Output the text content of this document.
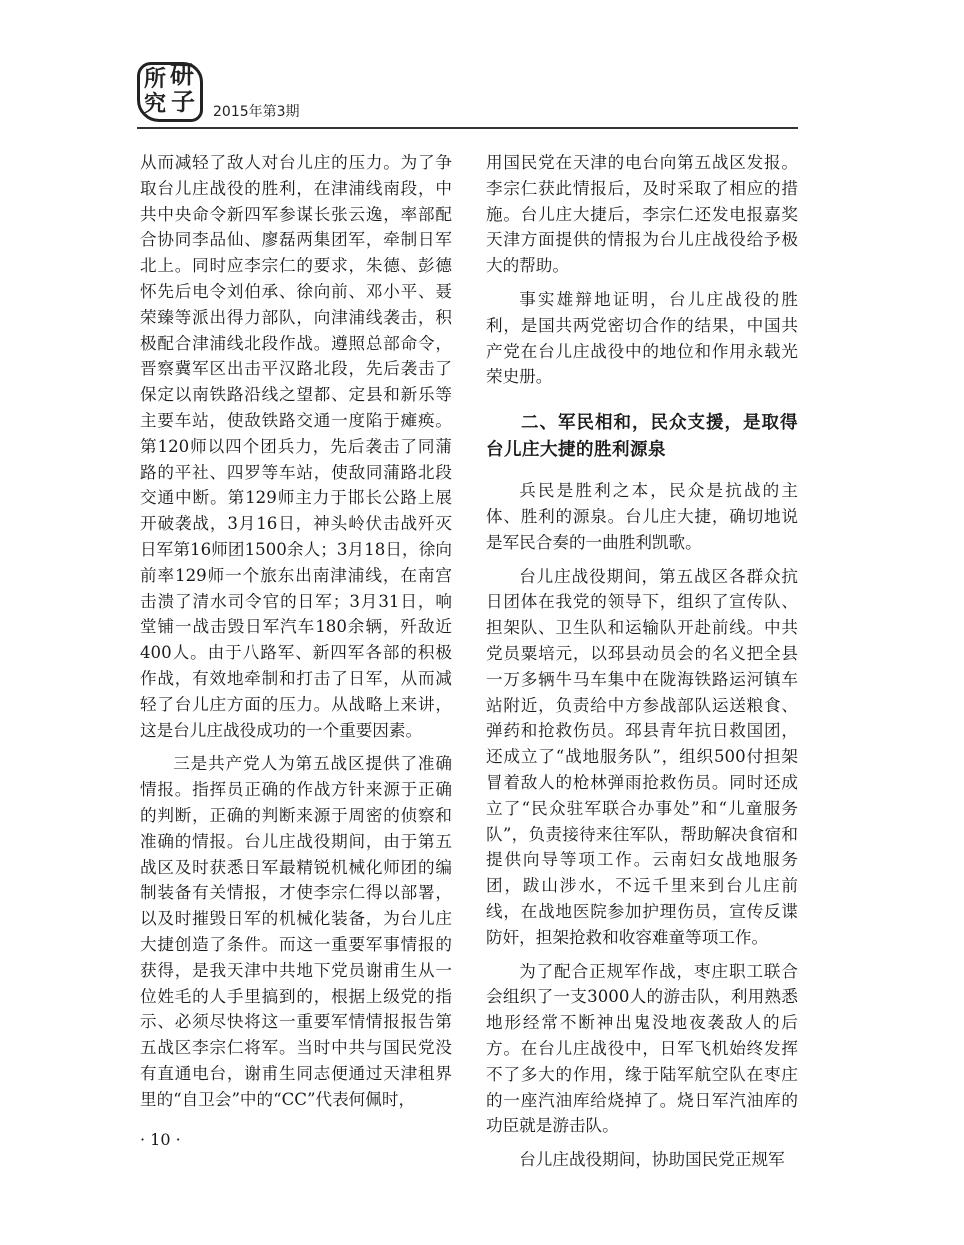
所 研
究 子 2015年第3期

从而减轻了敌人对台儿庄的压力。为了争取台儿庄战役的胜利，在津浦线南段，中共中央命令新四军参谋长张云逸，率部配合协同李品仙、廖磊两集团军，牵制日军北上。同时应李宗仁的要求，朱德、彭德怀先后电令刘伯承、徐向前、邓小平、聂荣臻等派出得力部队，向津浦线袭击，积极配合津浦线北段作战。遵照总部命令，晋察冀军区出击平汉路北段，先后袭击了保定以南铁路沿线之望都、定县和新乐等主要车站，使敌铁路交通一度陷于瘫痪。第120师以四个团兵力，先后袭击了同蒲路的平社、四罗等车站，使敌同蒲路北段交通中断。第129师主力于邯长公路上展开破袭战，3月16日，神头岭伏击战歼灭日军第16师团1500余人；3月18日，徐向前率129师一个旅东出南津浦线，在南宫击溃了清水司令官的日军；3月31日，响堂铺一战击毁日军汽车180余辆，歼敌近400人。由于八路军、新四军各部的积极作战，有效地牵制和打击了日军，从而减轻了台儿庄方面的压力。从战略上来讲，这是台儿庄战役成功的一个重要因素。

三是共产党人为第五战区提供了准确情报。指挥员正确的作战方针来源于正确的判断，正确的判断来源于周密的侦察和准确的情报。台儿庄战役期间，由于第五战区及时获悉日军最精锐机械化师团的编制装备有关情报，才使李宗仁得以部署，以及时摧毁日军的机械化装备，为台儿庄大捷创造了条件。而这一重要军事情报的获得，是我天津中共地下党员谢甫生从一位姓毛的人手里搞到的，根据上级党的指示、必须尽快将这一重要军情情报报告第五战区李宗仁将军。当时中共与国民党没有直通电台，谢甫生同志便通过天津租界里的“自卫会”中的“CC”代表何佩时，

用国民党在天津的电台向第五战区发报。李宗仁获此情报后，及时采取了相应的措施。台儿庄大捷后，李宗仁还发电报嘉奖天津方面提供的情报为台儿庄战役给予极大的帮助。

事实雄辩地证明，台儿庄战役的胜利，是国共两党密切合作的结果，中国共产党在台儿庄战役中的地位和作用永载光荣史册。

二、军民相和，民众支援，是取得台儿庄大捷的胜利源泉

兵民是胜利之本，民众是抗战的主体、胜利的源泉。台儿庄大捷，确切地说是军民合奏的一曲胜利凯歌。

台儿庄战役期间，第五战区各群众抗日团体在我党的领导下，组织了宣传队、担架队、卫生队和运输队开赴前线。中共党员粟培元，以邳县动员会的名义把全县一万多辆牛马车集中在陇海铁路运河镇车站附近，负责给中方参战部队运送粮食、弹药和抢救伤员。邳县青年抗日救国团，还成立了“战地服务队”，组织500付担架冒着敌人的枪林弹雨抢救伤员。同时还成立了“民众驻军联合办事处”和“儿童服务队”，负责接待来往军队，帮助解决食宿和提供向导等项工作。云南妇女战地服务团，跋山涉水，不远千里来到台儿庄前线，在战地医院参加护理伤员，宣传反谍防奸，担架抢救和收容难童等项工作。

为了配合正规军作战，枣庄职工联合会组织了一支3000人的游击队，利用熟悉地形经常不断神出鬼没地夜袭敌人的后方。在台儿庄战役中，日军飞机始终发挥不了多大的作用，缘于陆军航空队在枣庄的一座汽油库给烧掉了。烧日军汽油库的功臣就是游击队。

台儿庄战役期间，协助国民党正规军

· 10 ·
